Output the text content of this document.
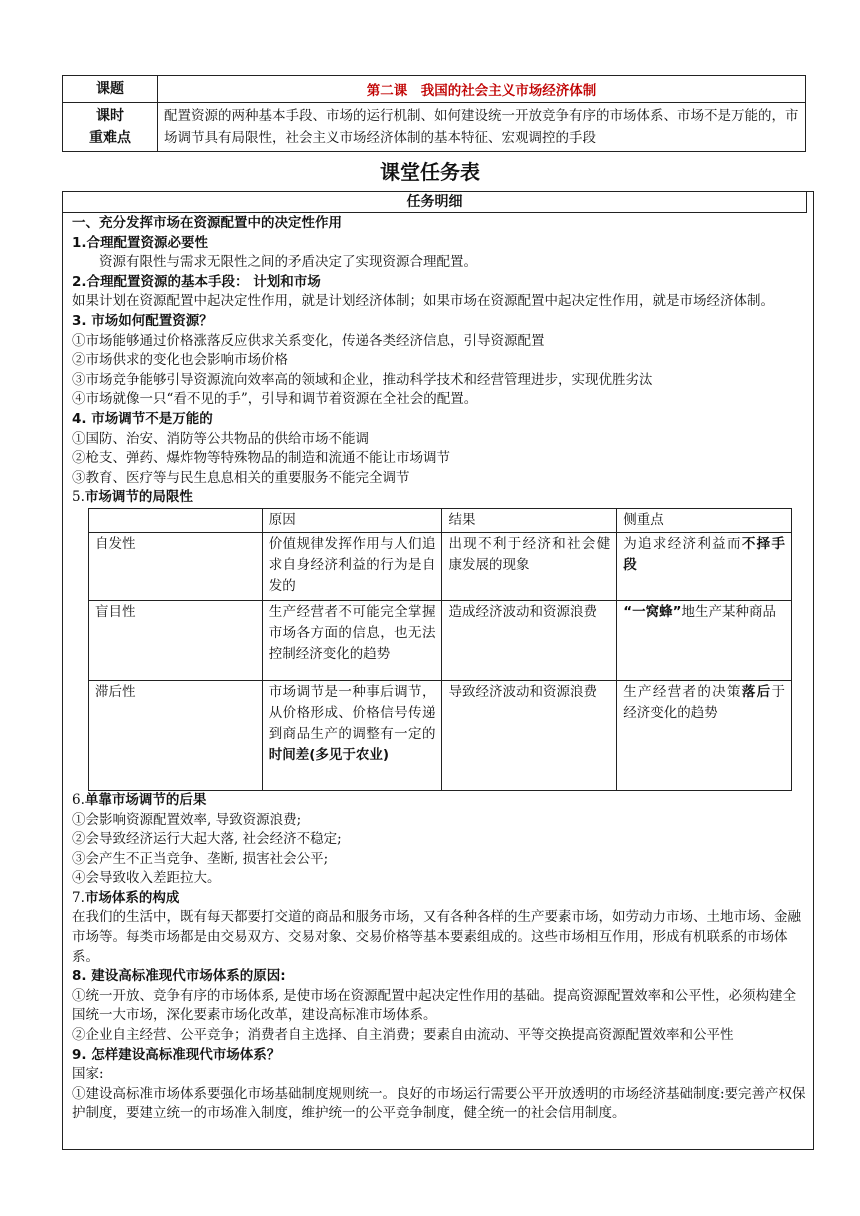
课题	第二课　我国的社会主义市场经济体制

课时
重难点	配置资源的两种基本手段、市场的运行机制、如何建设统一开放竞争有序的市场体系、市场不是万能的，市场调节具有局限性，社会主义市场经济体制的基本特征、宏观调控的手段
课堂任务表
任务明细

一、充分发挥市场在资源配置中的决定性作用

1.合理配置资源必要性

资源有限性与需求无限性之间的矛盾决定了实现资源合理配置。

2.合理配置资源的基本手段： 计划和市场

如果计划在资源配置中起决定性作用，就是计划经济体制；如果市场在资源配置中起决定性作用，就是市场经济体制。

3. 市场如何配置资源？

①市场能够通过价格涨落反应供求关系变化，传递各类经济信息，引导资源配置

②市场供求的变化也会影响市场价格

③市场竞争能够引导资源流向效率高的领域和企业，推动科学技术和经营管理进步，实现优胜劣汰

④市场就像一只“看不见的手”，引导和调节着资源在全社会的配置。

4. 市场调节不是万能的

①国防、治安、消防等公共物品的供给市场不能调

②枪支、弹药、爆炸物等特殊物品的制造和流通不能让市场调节

③教育、医疗等与民生息息相关的重要服务不能完全调节

5.市场调节的局限性

	原因	结果	侧重点
自发性	价值规律发挥作用与人们追求自身经济利益的行为是自发的	出现不利于经济和社会健康发展的现象	为追求经济利益而不择手段
盲目性	生产经营者不可能完全掌握市场各方面的信息，也无法控制经济变化的趋势	造成经济波动和资源浪费	“一窝蜂”地生产某种商品
滞后性	市场调节是一种事后调节，从价格形成、价格信号传递到商品生产的调整有一定的时间差(多见于农业)	导致经济波动和资源浪费	生产经营者的决策落后于经济变化的趋势

6.单靠市场调节的后果

①会影响资源配置效率, 导致资源浪费;

②会导致经济运行大起大落, 社会经济不稳定;

③会产生不正当竞争、垄断, 损害社会公平;

④会导致收入差距拉大。

7.市场体系的构成

在我们的生活中，既有每天都要打交道的商品和服务市场，又有各种各样的生产要素市场，如劳动力市场、土地市场、金融市场等。每类市场都是由交易双方、交易对象、交易价格等基本要素组成的。这些市场相互作用，形成有机联系的市场体系。

8. 建设高标准现代市场体系的原因:

①统一开放、竞争有序的市场体系, 是使市场在资源配置中起决定性作用的基础。提高资源配置效率和公平性，必须构建全国统一大市场，深化要素市场化改革，建设高标准市场体系。

②企业自主经营、公平竞争；消费者自主选择、自主消费；要素自由流动、平等交换提高资源配置效率和公平性

9. 怎样建设高标准现代市场体系？

国家:

①建设高标准市场体系要强化市场基础制度规则统一。良好的市场运行需要公平开放透明的市场经济基础制度:要完善产权保护制度，要建立统一的市场准入制度，维护统一的公平竞争制度，健全统一的社会信用制度。
